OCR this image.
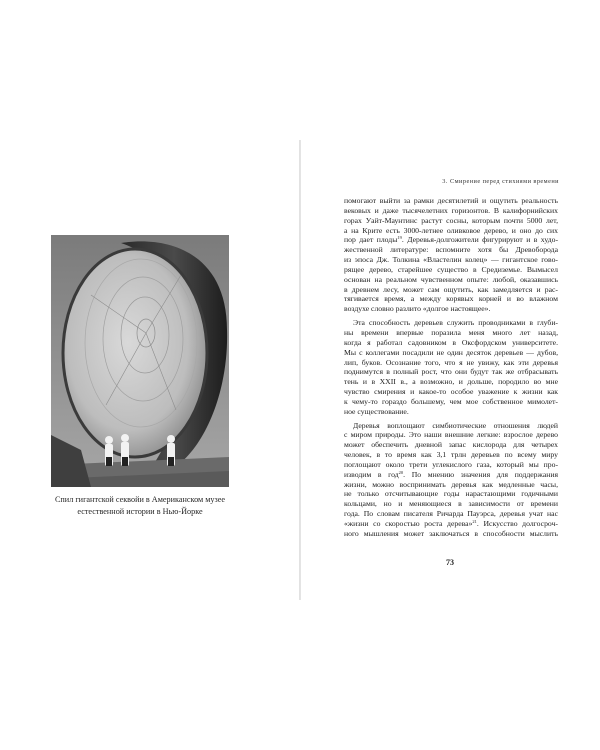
Спил гигантской секвойи в Американском музее
естественной истории в Нью-Йорке
3. Смирение перед стихиями времени
помогают выйти за рамки десятилетий и ощутить реальность
вековых и даже тысячелетних горизонтов. В калифорнийских
горах Уайт-Маунтинс растут сосны, которым почти 5000 лет,
а на Крите есть 3000-летнее оливковое дерево, и оно до сих
пор дает плоды$^{19}$. Деревья-долгожители фигурируют и в худо-
жественной литературе: вспомните хотя бы Древоборода
из эпоса Дж. Толкина «Властелин колец» — гигантское гово-
рящее дерево, старейшее существо в Средиземье. Вымысел
основан на реальном чувственном опыте: любой, оказавшись
в древнем лесу, может сам ощутить, как замедляется и рас-
тягивается время, а между корявых корней и во влажном
воздухе словно разлито «долгое настоящее».
Эта способность деревьев служить проводниками в глуби-
ны времени впервые поразила меня много лет назад,
когда я работал садовником в Оксфордском университете.
Мы с коллегами посадили не один десяток деревьев — дубов,
лип, буков. Осознание того, что я не увижу, как эти деревья
поднимутся в полный рост, что они будут так же отбрасывать
тень и в XXII в., а возможно, и дольше, породило во мне
чувство смирения и какое-то особое уважение к жизни как
к чему-то гораздо большему, чем мое собственное мимолет-
ное существование.
Деревья воплощают симбиотические отношения людей
с миром природы. Это наши внешние легкие: взрослое дерево
может обеспечить дневной запас кислорода для четырех
человек, в то время как 3,1 трлн деревьев по всему миру
поглощают около трети углекислого газа, который мы про-
изводим в год$^{20}$. По мнению значения для поддержания
жизни, можно воспринимать деревья как медленные часы,
не только отсчитывающие годы нарастающими годичными
кольцами, но и меняющиеся в зависимости от времени
года. По словам писателя Ричарда Пауэрса, деревья учат нас
«жизни со скоростью роста дерева»$^{21}$. Искусство долгосроч-
ного мышления может заключаться в способности мыслить
73
